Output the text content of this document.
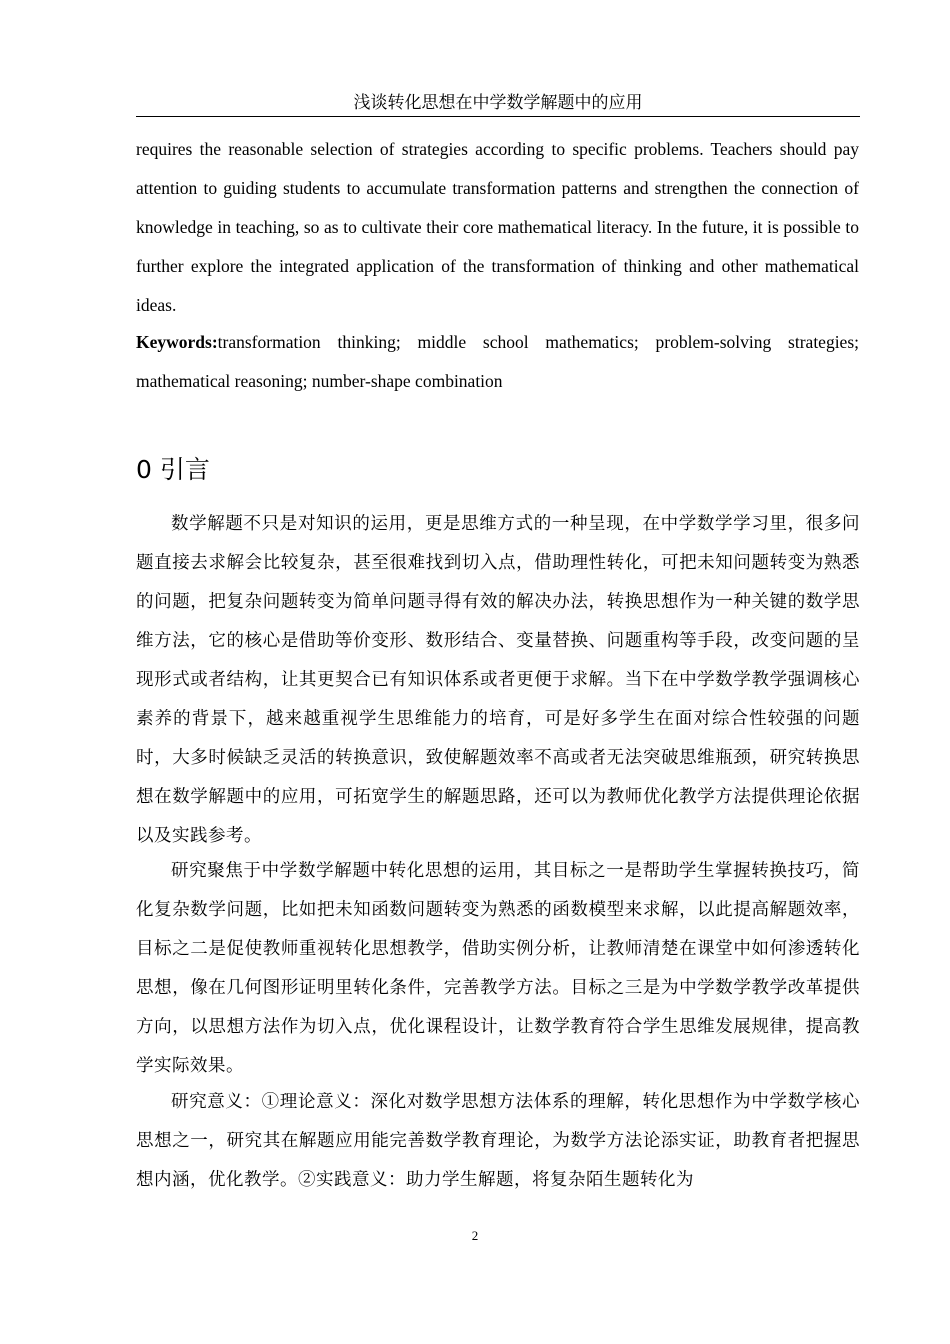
浅谈转化思想在中学数学解题中的应用
requires the reasonable selection of strategies according to specific problems. Teachers should pay attention to guiding students to accumulate transformation patterns and strengthen the connection of knowledge in teaching, so as to cultivate their core mathematical literacy. In the future, it is possible to further explore the integrated application of the transformation of thinking and other mathematical ideas.
Keywords:transformation thinking; middle school mathematics; problem-solving strategies; mathematical reasoning; number-shape combination
0 引言
数学解题不只是对知识的运用，更是思维方式的一种呈现，在中学数学学习里，很多问题直接去求解会比较复杂，甚至很难找到切入点，借助理性转化，可把未知问题转变为熟悉的问题，把复杂问题转变为简单问题寻得有效的解决办法，转换思想作为一种关键的数学思维方法，它的核心是借助等价变形、数形结合、变量替换、问题重构等手段，改变问题的呈现形式或者结构，让其更契合已有知识体系或者更便于求解。当下在中学数学教学强调核心素养的背景下，越来越重视学生思维能力的培育，可是好多学生在面对综合性较强的问题时，大多时候缺乏灵活的转换意识，致使解题效率不高或者无法突破思维瓶颈，研究转换思想在数学解题中的应用，可拓宽学生的解题思路，还可以为教师优化教学方法提供理论依据以及实践参考。
研究聚焦于中学数学解题中转化思想的运用，其目标之一是帮助学生掌握转换技巧，简化复杂数学问题，比如把未知函数问题转变为熟悉的函数模型来求解，以此提高解题效率，目标之二是促使教师重视转化思想教学，借助实例分析，让教师清楚在课堂中如何渗透转化思想，像在几何图形证明里转化条件，完善教学方法。目标之三是为中学数学教学改革提供方向，以思想方法作为切入点，优化课程设计，让数学教育符合学生思维发展规律，提高教学实际效果。
研究意义：①理论意义：深化对数学思想方法体系的理解，转化思想作为中学数学核心思想之一，研究其在解题应用能完善数学教育理论，为数学方法论添实证，助教育者把握思想内涵，优化教学。②实践意义：助力学生解题，将复杂陌生题转化为
2
